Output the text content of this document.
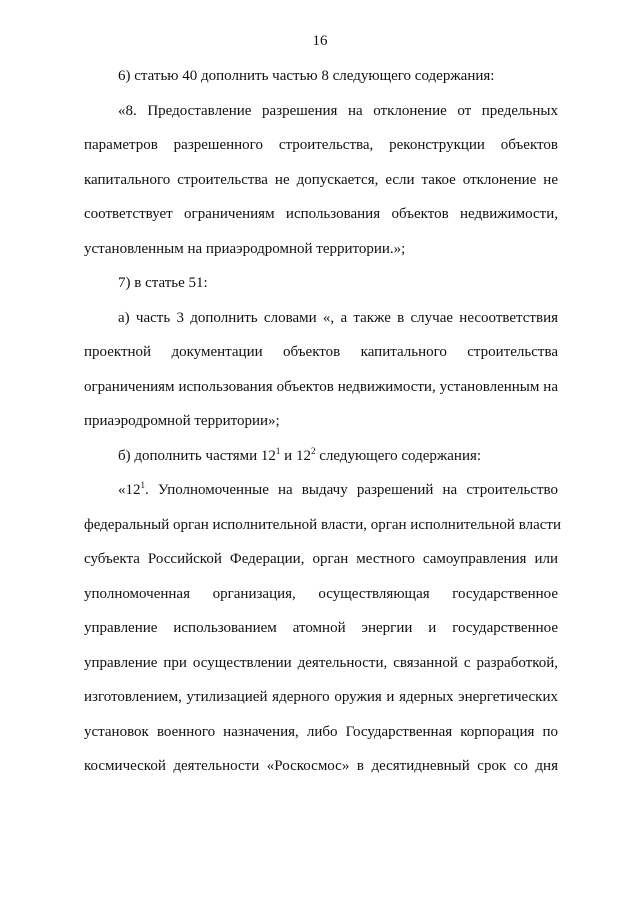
16
6) статью 40 дополнить частью 8 следующего содержания:
«8. Предоставление разрешения на отклонение от предельных
параметров разрешенного строительства, реконструкции объектов
капитального строительства не допускается, если такое отклонение не
соответствует ограничениям использования объектов недвижимости,
установленным на приаэродромной территории.»;
7) в статье 51:
а) часть 3 дополнить словами «, а также в случае несоответствия
проектной документации объектов капитального строительства
ограничениям использования объектов недвижимости, установленным на
приаэродромной территории»;
б) дополнить частями $12^1$ и $12^2$ следующего содержания:
«$12^1$. Уполномоченные на выдачу разрешений на строительство
федеральный орган исполнительной власти, орган исполнительной власти
субъекта Российской Федерации, орган местного самоуправления или
уполномоченная организация, осуществляющая государственное
управление использованием атомной энергии и государственное
управление при осуществлении деятельности, связанной с разработкой,
изготовлением, утилизацией ядерного оружия и ядерных энергетических
установок военного назначения, либо Государственная корпорация по
космической деятельности «Роскосмос» в десятидневный срок со дня
